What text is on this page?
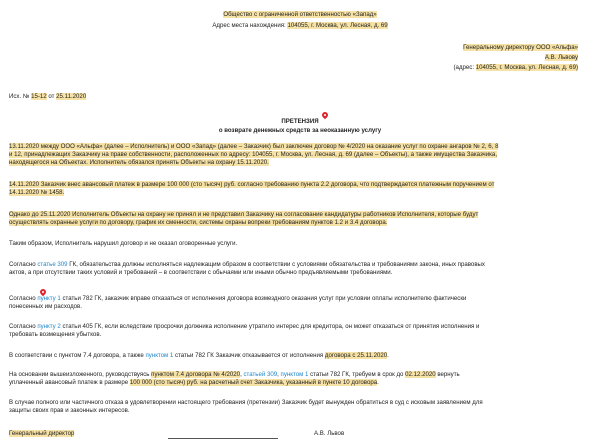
Общество с ограниченной ответственностью «Запад»
Адрес места нахождения: 104055, г. Москва, ул. Лесная, д. 69
Генеральному директору ООО «Альфа»
А.В. Львову
(адрес: 104055, г. Москва, ул. Лесная, д. 69)
Исх. № 15-12 от 25.11.2020
ПРЕТЕНЗИЯ
о возврате денежных средств за неоказанную услугу
13.11.2020 между ООО «Альфа» (далее – Исполнитель) и ООО «Запад» (далее – Заказчик) был заключен договор № 4/2020 на оказание услуг по охране ангаров № 2, 6, 8
и 12, принадлежащих Заказчику на праве собственности, расположенных по адресу: 104055, г. Москва, ул. Лесная, д. 69 (далее – Объекты), а также имущества Заказчика,
находящегося на Объектах. Исполнитель обязался принять Объекты на охрану 15.11.2020.
14.11.2020 Заказчик внес авансовый платеж в размере 100 000 (сто тысяч) руб. согласно требованию пункта 2.2 договора, что подтверждается платежным поручением от
14.11.2020 № 1458.
Однако до 25.11.2020 Исполнитель Объекты на охрану не принял и не представил Заказчику на согласование кандидатуры работников Исполнителя, которые будут
осуществлять охранные услуги по договору, график их сменности, системы охраны вопреки требованиям пунктов 1.2 и 3.4 договора.
Таким образом, Исполнитель нарушил договор и не оказал оговоренные услуги.
Согласно статье 309 ГК, обязательства должны исполняться надлежащим образом в соответствии с условиями обязательства и требованиями закона, иных правовых
актов, а при отсутствии таких условий и требований – в соответствии с обычаями или иными обычно предъявляемыми требованиями.
Согласно пункту 1 статьи 782 ГК, заказчик вправе отказаться от исполнения договора возмездного оказания услуг при условии оплаты исполнителю фактически
понесенных им расходов.
Согласно пункту 2 статьи 405 ГК, если вследствие просрочки должника исполнение утратило интерес для кредитора, он может отказаться от принятия исполнения и
требовать возмещения убытков.
В соответствии с пунктом 7.4 договора, а также пунктом 1 статьи 782 ГК Заказчик отказывается от исполнения договора с 25.11.2020.
На основании вышеизложенного, руководствуясь пунктом 7.4 договора № 4/2020, статьей 309, пунктом 1 статьи 782 ГК, требуем в срок до 02.12.2020 вернуть
уплаченный авансовый платеж в размере 100 000 (сто тысяч) руб. на расчетный счет Заказчика, указанный в пункте 10 договора.
В случае полного или частичного отказа в удовлетворении настоящего требования (претензии) Заказчик будет вынужден обратиться в суд с исковым заявлением для
защиты своих прав и законных интересов.
Генеральный директор	А.В. Львов
